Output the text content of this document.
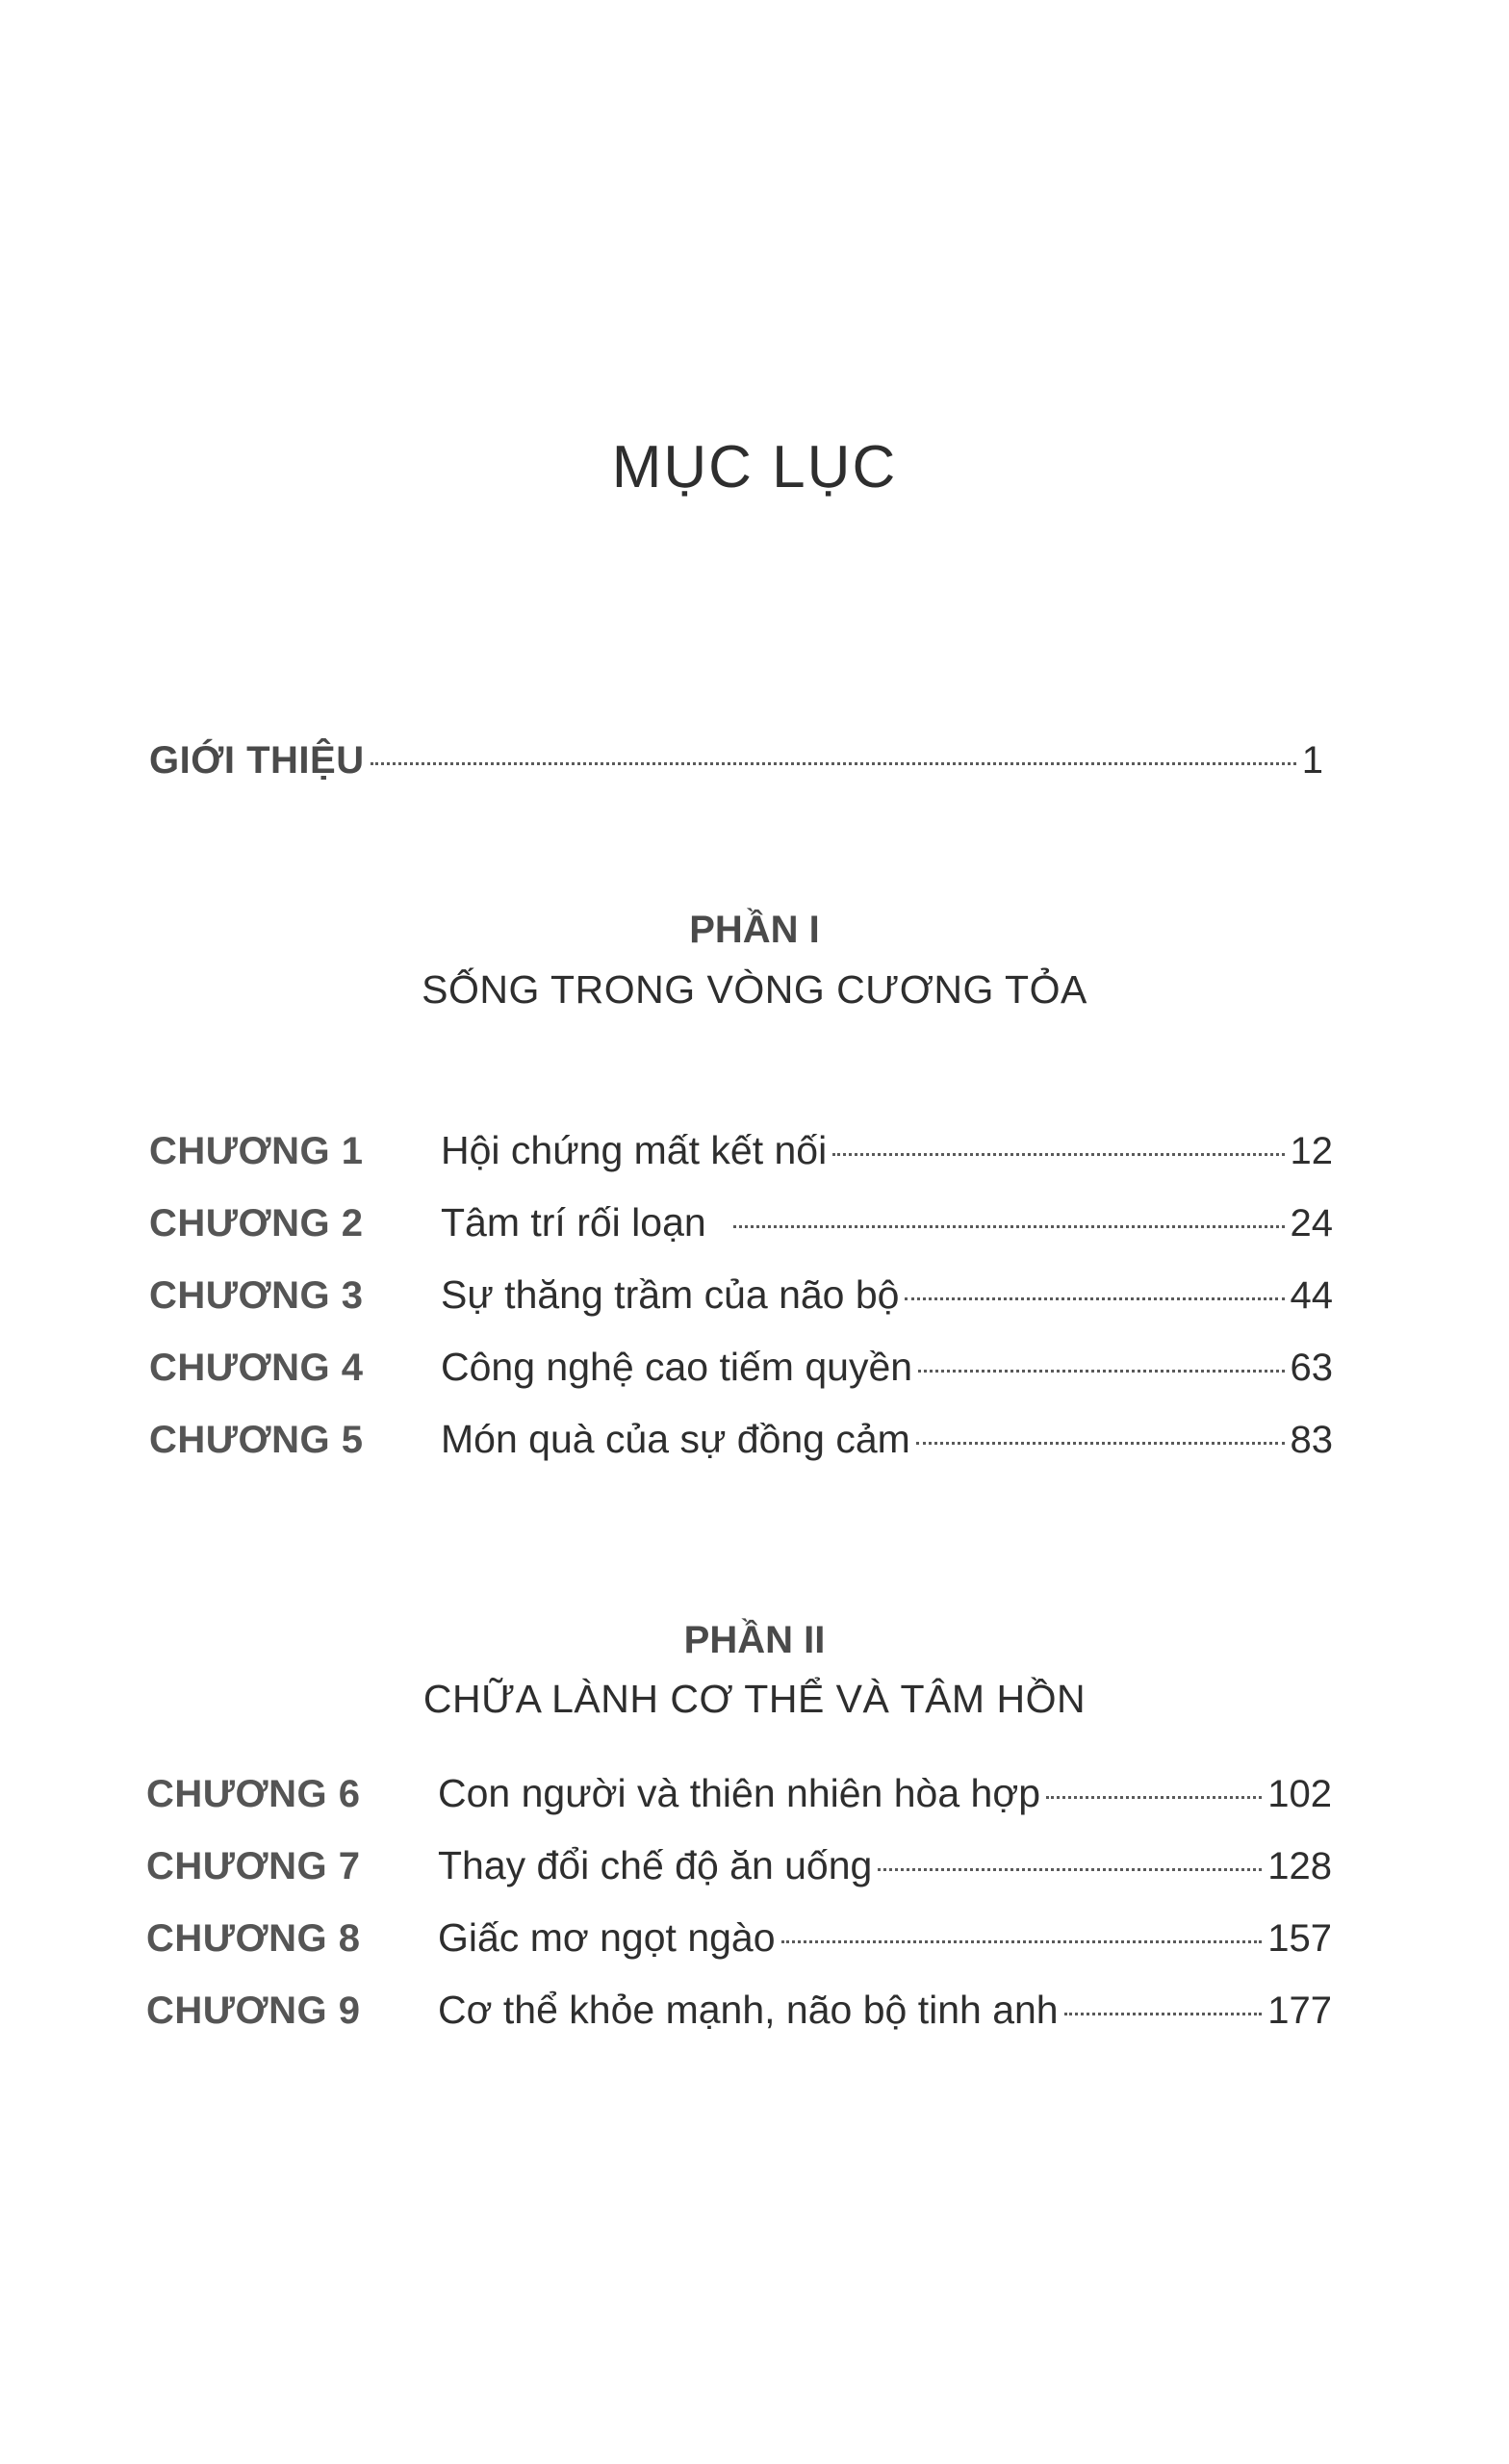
MỤC LỤC
GIỚI THIỆU	1
PHẦN I
SỐNG TRONG VÒNG CƯƠNG TỎA
CHƯƠNG 1	Hội chứng mất kết nối	12
CHƯƠNG 2	Tâm trí rối loạn	24
CHƯƠNG 3	Sự thăng trầm của não bộ	44
CHƯƠNG 4	Công nghệ cao tiếm quyền	63
CHƯƠNG 5	Món quà của sự đồng cảm	83
PHẦN II
CHỮA LÀNH CƠ THỂ VÀ TÂM HỒN
CHƯƠNG 6	Con người và thiên nhiên hòa hợp	102
CHƯƠNG 7	Thay đổi chế độ ăn uống	128
CHƯƠNG 8	Giấc mơ ngọt ngào	157
CHƯƠNG 9	Cơ thể khỏe mạnh, não bộ tinh anh	177
